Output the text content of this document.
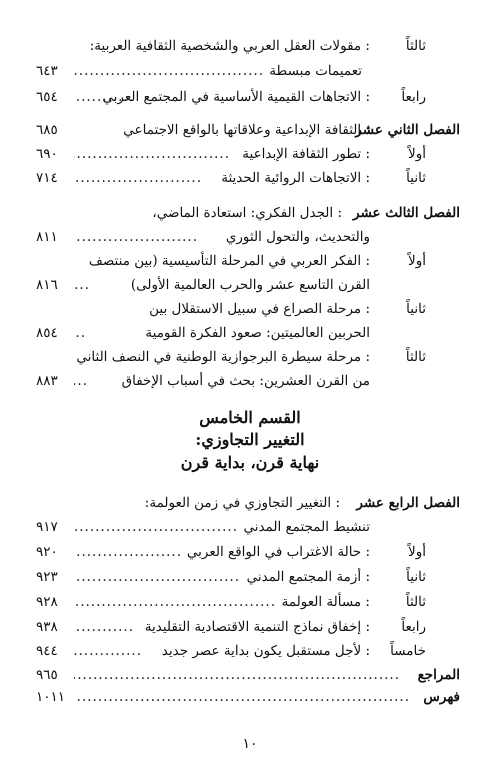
ثالثاً
: مقولات العقل العربي والشخصية الثقافية العربية:
تعميمات مبسطة
.....
٦٤٣
رابعاً
: الاتجاهات القيمية الأساسية في المجتمع العربي
.....
٦٥٤
الفصل الثاني عشر
: الثقافة الإبداعية وعلاقاتها بالواقع الاجتماعي
٦٨٥
أولاً
: تطور الثقافة الإبداعية
.....
٦٩٠
ثانياً
: الاتجاهات الروائية الحديثة
.....
٧١٤
الفصل الثالث عشر
: الجدل الفكري: استعادة الماضي،
والتحديث، والتحول الثوري
.....
٨١١
أولاً
: الفكر العربي في المرحلة التأسيسية (بين منتصف
القرن التاسع عشر والحرب العالمية الأولى)
.....
٨١٦
ثانياً
: مرحلة الصراع في سبيل الاستقلال بين
الحربين العالميتين: صعود الفكرة القومية
.....
٨٥٤
ثالثاً
: مرحلة سيطرة البرجوازية الوطنية في النصف الثاني
من القرن العشرين: بحث في أسباب الإخفاق
.....
٨٨٣
القسم الخامس
التغيير التجاوزي:
نهاية قرن، بداية قرن
الفصل الرابع عشر
: التغيير التجاوزي في زمن العولمة:
تنشيط المجتمع المدني
.....
٩١٧
أولاً
: حالة الاغتراب في الواقع العربي
.....
٩٢٠
ثانياً
: أزمة المجتمع المدني
.....
٩٢٣
ثالثاً
: مسألة العولمة
.....
٩٢٨
رابعاً
: إخفاق نماذج التنمية الاقتصادية التقليدية
.....
٩٣٨
خامساً
: لأجل مستقبل يكون بداية عصر جديد
.....
٩٤٤
المراجع
.....
٩٦٥
فهرس
.....
١٠١١
١٠
